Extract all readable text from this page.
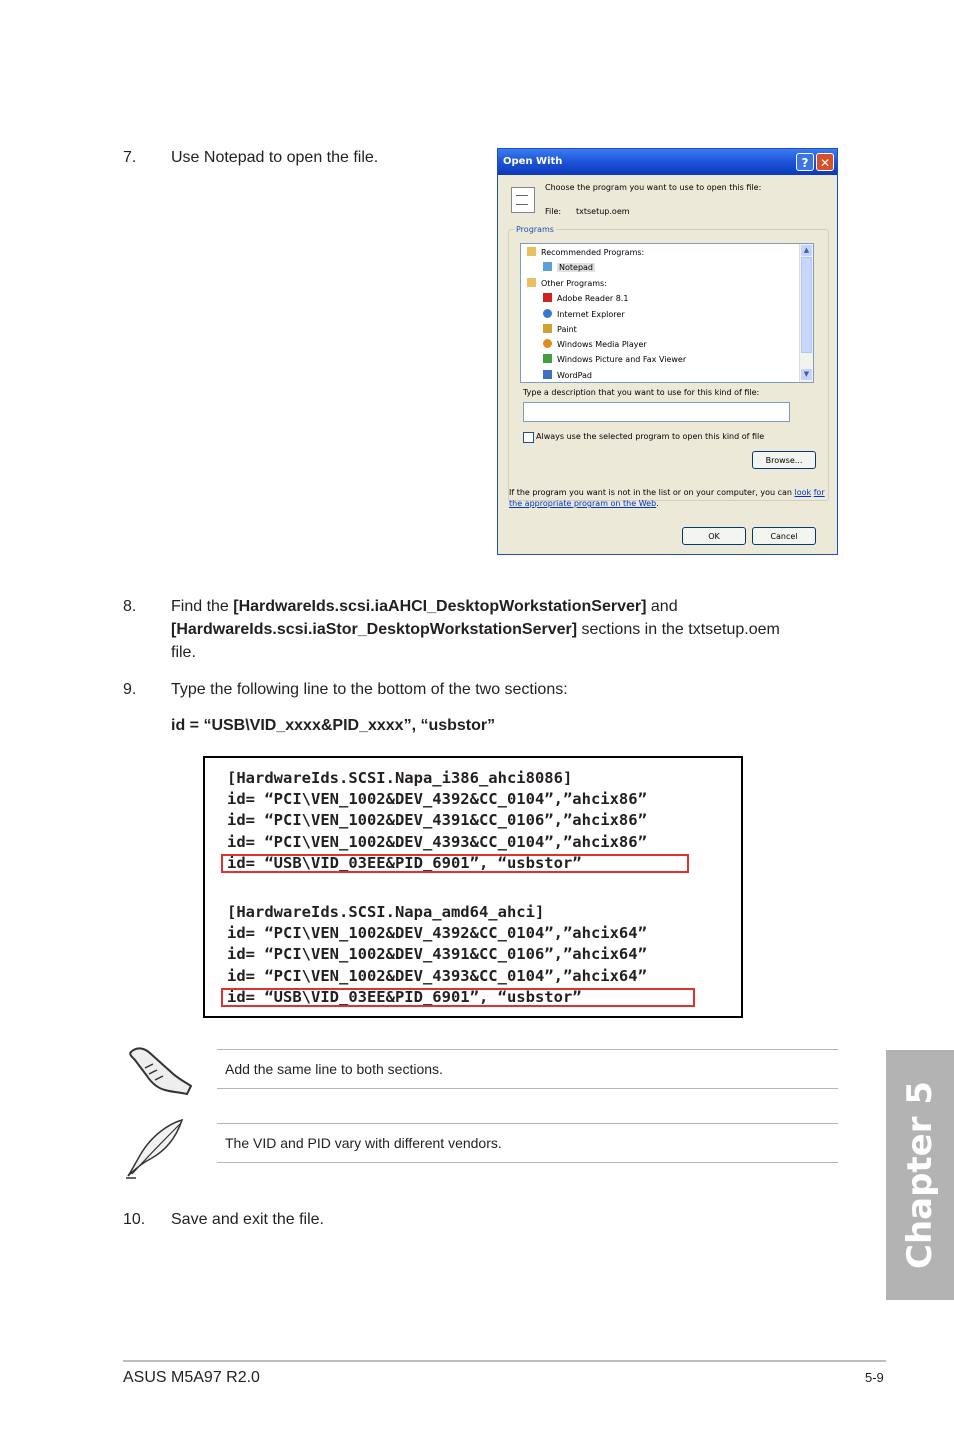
7. Use Notepad to open the file.	Open With	? ✕
Choose the program you want to use to open this file:
File: txtsetup.oem
Programs
Recommended Programs:
Notepad
Other Programs:
Adobe Reader 8.1
Internet Explorer
Paint
Windows Media Player
Windows Picture and Fax Viewer
WordPad
▲
▼
Type a description that you want to use for this kind of file:
Always use the selected program to open this kind of file
Browse...
If the program you want is not in the list or on your computer, you can look for the appropriate program on the Web.
OK	Cancel
8. Find the [HardwareIds.scsi.iaAHCI_DesktopWorkstationServer] and
[HardwareIds.scsi.iaStor_DesktopWorkstationServer] sections in the txtsetup.oem
file.
9. Type the following line to the bottom of the two sections:
id = “USB\VID_xxxx&PID_xxxx”, “usbstor”
[HardwareIds.SCSI.Napa_i386_ahci8086]
id= “PCI\VEN_1002&DEV_4392&CC_0104”,”ahcix86”
id= “PCI\VEN_1002&DEV_4391&CC_0106”,”ahcix86”
id= “PCI\VEN_1002&DEV_4393&CC_0104”,”ahcix86”
id= “USB\VID_03EE&PID_6901”, “usbstor”
[HardwareIds.SCSI.Napa_amd64_ahci]
id= “PCI\VEN_1002&DEV_4392&CC_0104”,”ahcix64”
id= “PCI\VEN_1002&DEV_4391&CC_0106”,”ahcix64”
id= “PCI\VEN_1002&DEV_4393&CC_0104”,”ahcix64”
id= “USB\VID_03EE&PID_6901”, “usbstor”
Add the same line to both sections.
The VID and PID vary with different vendors.
10. Save and exit the file.	Chapter 5
ASUS M5A97 R2.0	5-9
